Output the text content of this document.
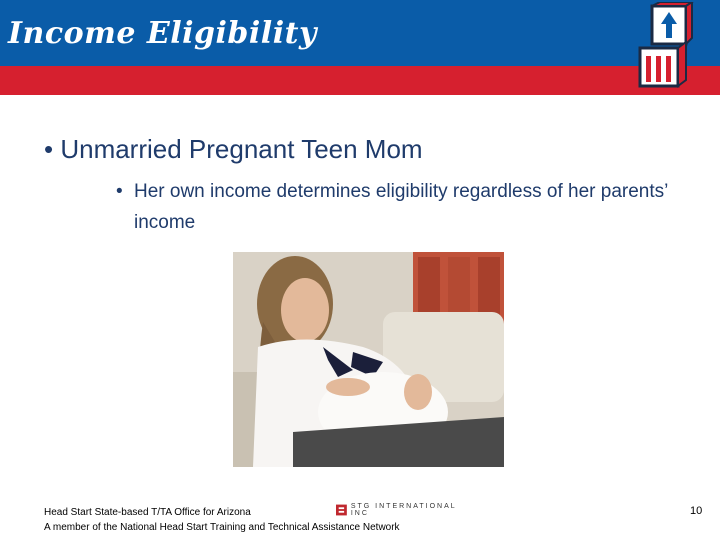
Income Eligibility

• Unmarried Pregnant Teen Mom

• Her own income determines eligibility regardless of her parents’ income

Head Start State-based T/TA Office for Arizona

A member of the National Head Start Training and Technical Assistance Network

STG INTERNATIONAL INC	10
